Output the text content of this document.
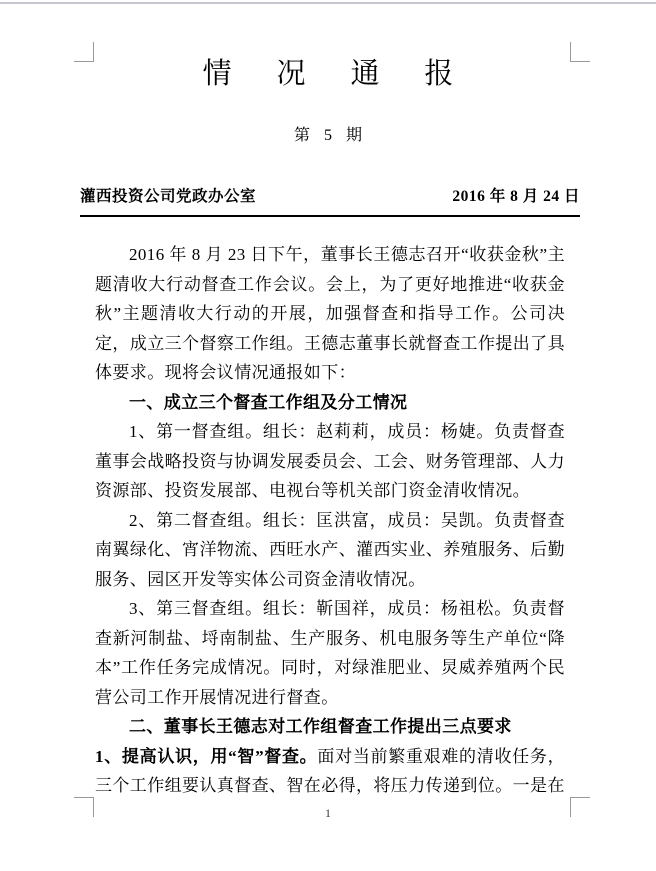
情 况 通 报
第 5 期
灌西投资公司党政办公室	2016 年 8 月 24 日

2016 年 8 月 23 日下午，董事长王德志召开“收获金秋”主题清收大行动督查工作会议。会上，为了更好地推进“收获金秋”主题清收大行动的开展，加强督查和指导工作。公司决定，成立三个督察工作组。王德志董事长就督查工作提出了具体要求。现将会议情况通报如下：

一、成立三个督查工作组及分工情况

1、第一督查组。组长：赵莉莉，成员：杨婕。负责督查董事会战略投资与协调发展委员会、工会、财务管理部、人力资源部、投资发展部、电视台等机关部门资金清收情况。

2、第二督查组。组长：匡洪富，成员：吴凯。负责督查南翼绿化、宵洋物流、西旺水产、灌西实业、养殖服务、后勤服务、园区开发等实体公司资金清收情况。

3、第三督查组。组长：靳国祥，成员：杨祖松。负责督查新河制盐、埒南制盐、生产服务、机电服务等生产单位“降本”工作任务完成情况。同时，对绿淮肥业、炅威养殖两个民营公司工作开展情况进行督查。

二、董事长王德志对工作组督查工作提出三点要求

1、提高认识，用“智”督查。面对当前繁重艰难的清收任务，三个工作组要认真督查、智在必得，将压力传递到位。一是在

1
